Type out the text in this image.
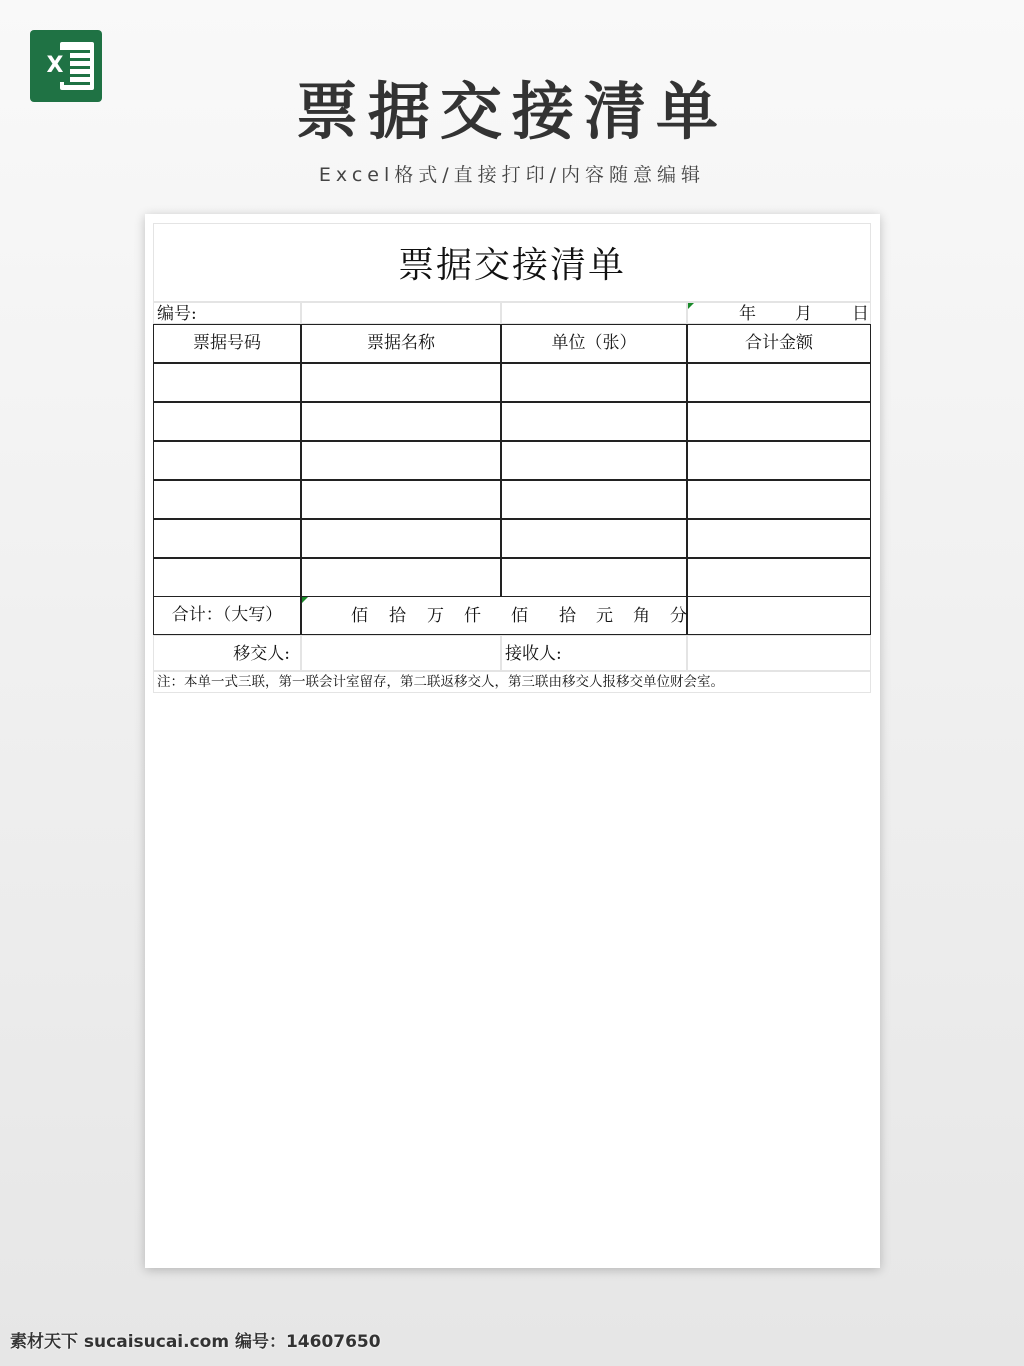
X
票据交接清单
Excel格式/直接打印/内容随意编辑
票据交接清单
编号:	年 月 日
票据号码	票据名称	单位（张）	合计金额
合计：（大写）	佰 拾 万 仟 佰 拾 元 角 分
移交人:	接收人:
注：本单一式三联，第一联会计室留存，第二联返移交人，第三联由移交人报移交单位财会室。
素材天下 sucaisucai.com 编号：14607650
